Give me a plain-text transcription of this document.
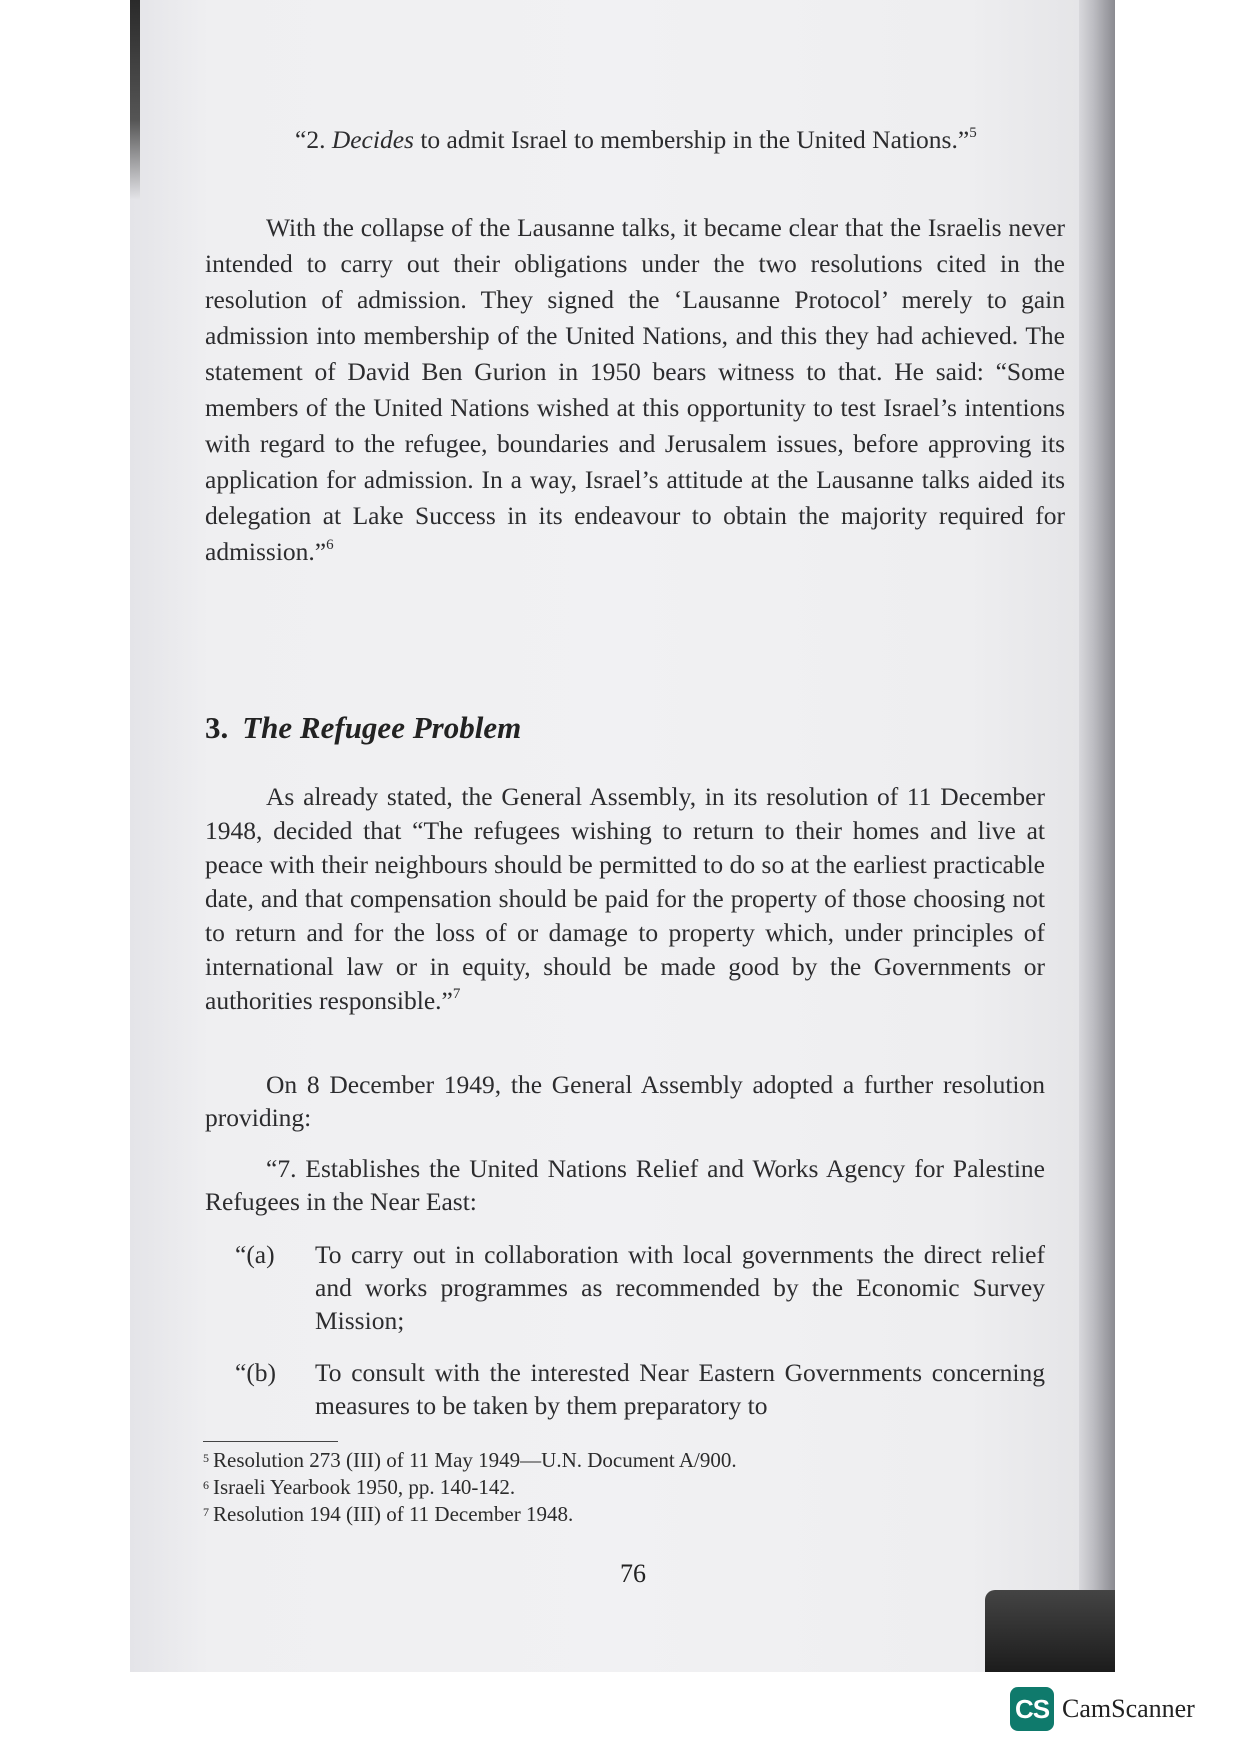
“2. Decides to admit Israel to membership in the United Nations.”$^5$

With the collapse of the Lausanne talks, it became clear that the Israelis never intended to carry out their obligations under the two resolutions cited in the resolution of admission. They signed the ‘Lausanne Protocol’ merely to gain admission into membership of the United Nations, and this they had achieved. The statement of David Ben Gurion in 1950 bears witness to that. He said: “Some members of the United Nations wished at this opportunity to test Israel’s intentions with regard to the refugee, boundaries and Jerusalem issues, before approving its application for admission. In a way, Israel’s attitude at the Lausanne talks aided its delegation at Lake Success in its endeavour to obtain the majority required for admission.”$^6$

3. The Refugee Problem

As already stated, the General Assembly, in its resolution of 11 December 1948, decided that “The refugees wishing to return to their homes and live at peace with their neighbours should be permitted to do so at the earliest practicable date, and that compensation should be paid for the property of those choosing not to return and for the loss of or damage to property which, under principles of international law or in equity, should be made good by the Governments or authorities responsible.”$^7$

On 8 December 1949, the General Assembly adopted a further resolution providing:

“7. Establishes the United Nations Relief and Works Agency for Palestine Refugees in the Near East:

“(a)	To carry out in collaboration with local governments the direct relief and works programmes as recommended by the Economic Survey Mission;
“(b)	To consult with the interested Near Eastern Governments concerning measures to be taken by them preparatory to
$^5$ Resolution 273 (III) of 11 May 1949—U.N. Document A/900.
$^6$ Israeli Yearbook 1950, pp. 140-142.
$^7$ Resolution 194 (III) of 11 December 1948.
76
CS CamScanner
